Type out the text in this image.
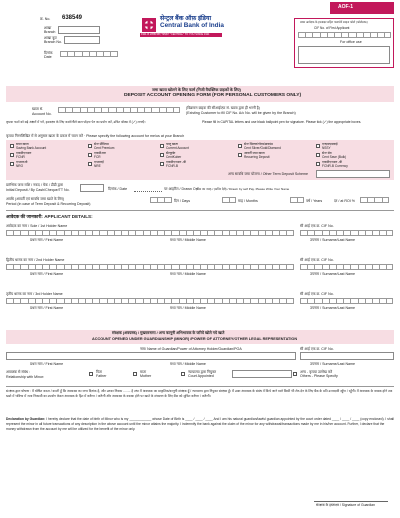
AOF-1
क्र. No. 638549
शाखा
Branch
शाखा कूट
Branch No.
दिनांक
Date
सेन्ट्रल बैंक ऑफ़ इंडिया
Central Bank of India
1911 से आपके लिए "केन्द्रित" "CENTRAL" TO YOU SINCE 1911
प्रथम आवेदक के हस्ताक्षर सहित पासपोर्ट साइज फोटो (फोटोग्राफ)
CIF No. of First Applicant
For office use
जमा खाता खोलने के लिए फार्म (निजी वैयक्तिक ग्राहकों के लिए)
DEPOSIT ACCOUNT OPENING FORM (FOR PERSONAL CUSTOMERS ONLY)
खाता सं.
Account No.
(विद्यमान ग्राहक की सीआईएफ सं. खाता द्वारा ही भरनी है)
(Existing Customer to fill CIF No. A/c No. will be given by the Branch)
कृपया फार्म को बड़े अक्षरों में भरें, हस्ताक्षर के लिए काले/नीले बाल पॉइन्ट पेन का प्रयोग करें, उचित बॉक्स में (✓) लगाएँ।	Please fill in CAPITAL letters and use black ballpoint pen for signature. Please tick (✓) the appropriate boxes.
कृपया निम्नलिखित में से अनुसार खाता के प्रकार में चयन करें · Please specify the following account for me/us at your Branch
बचत खाता
Saving Bank Account
सेन्ट प्रीमियम
Cent Premium
चालू खाता
Current Account
सेन्ट सिल्वर/गोल्ड/डायमंड
Cent Silver/Gold/Diamond
एनएसएसवाई
NSSY
एफसीएनआर
FCNR
एफसीआर
FCR
सेंटकुबेर
CentKuber
आवर्ती जमा खाता
Recurring Deposit
सेन्ट सेव
Cent Save (Bulk)
एनआरओ
NRO
एनआरई
NRE
एफसीएनआर -बी
FCNR-B
एफसीएनआर -बी
FCNR-B Currency
अन्य सावधि जमा योजना / Other Term Deposit Scheme
प्रारंभिक जमा राशि / नकद / चेक / डीडी द्वारा
Initial Deposit / By Cash/Cheque/TT No.	दिनांक / Date	पर आहरित / Drawn On
(बैंक का नाम) / (सविर देशे) / Drawn by self Pay. Please Write Your Name
अवधि (आवर्ती एवं सावधि जमा खाते के लिए)
Period (in case of Term Deposit & Recurring Deposit)
दिन / Days	माह / Months	वर्ष / Years	दर / at ROI %
आवेदक की जानकारी: APPLICANT DETAILS:
आवेदक का नाम / Sole / 1st Holder Name	सी आई एफ क्र. CIF No.
प्रथम नाम / First Name	मध्य नाम / Middle Name	उपनाम / Surname/Last Name
द्वितीय धारक का नाम / 2nd Holder Name	सी आई एफ क्र. CIF No.
प्रथम नाम / First Name	मध्य नाम / Middle Name	उपनाम / Surname/Last Name
तृतीय धारक का नाम / 3rd Holder Name	सी आई एफ क्र. CIF No.
प्रथम नाम / First Name	मध्य नाम / Middle Name	उपनाम / Surname/Last Name
संरक्षक (अवयस्क) / मुख्तारनामा / अन्य कानूनी अभिभावक के जरिये खोले गये खाते
ACCOUNT OPENED UNDER GUARDIANSHIP (MINOR) /POWER OF ATTORNEY/OTHER LEGAL REPRESENTATION
नाम/ Name of Guardian/Power of Attorney Holder/Guardian/POA	सी आई एफ क्र. CIF No.
प्रथम नाम / First Name	मध्य नाम / Middle Name	उपनाम / Surname/Last Name
अवयस्क से संबंध :
Relationship with Minor:
पिता
Father
माता
Mother
न्यायालय द्वारा नियुक्त
Court Appointed
अन्य - कृपया उल्लेख करें
Others - Please Specify
संरक्षक द्वारा घोषणा : मैं घोषित करता / करती हूँ कि अवयस्क का जन्म दिनांक है, और उनका निवास ........ है तथा मैं अवयस्क का प्राकृतिक/कानूनी संरक्षक हूँ / न्यायालय द्वारा नियुक्त संरक्षक हूँ। मैं उक्त अवयस्क के संबंध में किये जाने वाले किसी भी लेन-देन के लिए बैंक के प्रति उत्तरदायी रहूँगा / रहूँगी। मैं अवयस्क के वयस्क होने तक खाते में भविष्य में जमा निकासी का उपयोग केवल अवयस्क के हित में करूँगा / करूँगी और अवयस्क के वयस्क होने पर खाते के संचालन के लिए बैंक को सूचित करूँगा / करूँगी।
Declaration by Guardian: I hereby declare that the date of birth of Minor who is my ____________ whose Date of Birth is ____ / ____ / ____ And I am his natural guardian/lawful guardian appointed by the court order dated ____ / ____ / ____ (copy enclosed). I shall represent the minor in all future transactions of any description in the above account until the minor attains the majority. I indemnify the bank against the claim of the minor for any withdrawal/transactions made by me in his/her account. Further, I declare that the money withdrawn from the account by me will be utilized for the benefit of the minor only.
संरक्षक के हस्ताक्षर / Signature of Guardian
